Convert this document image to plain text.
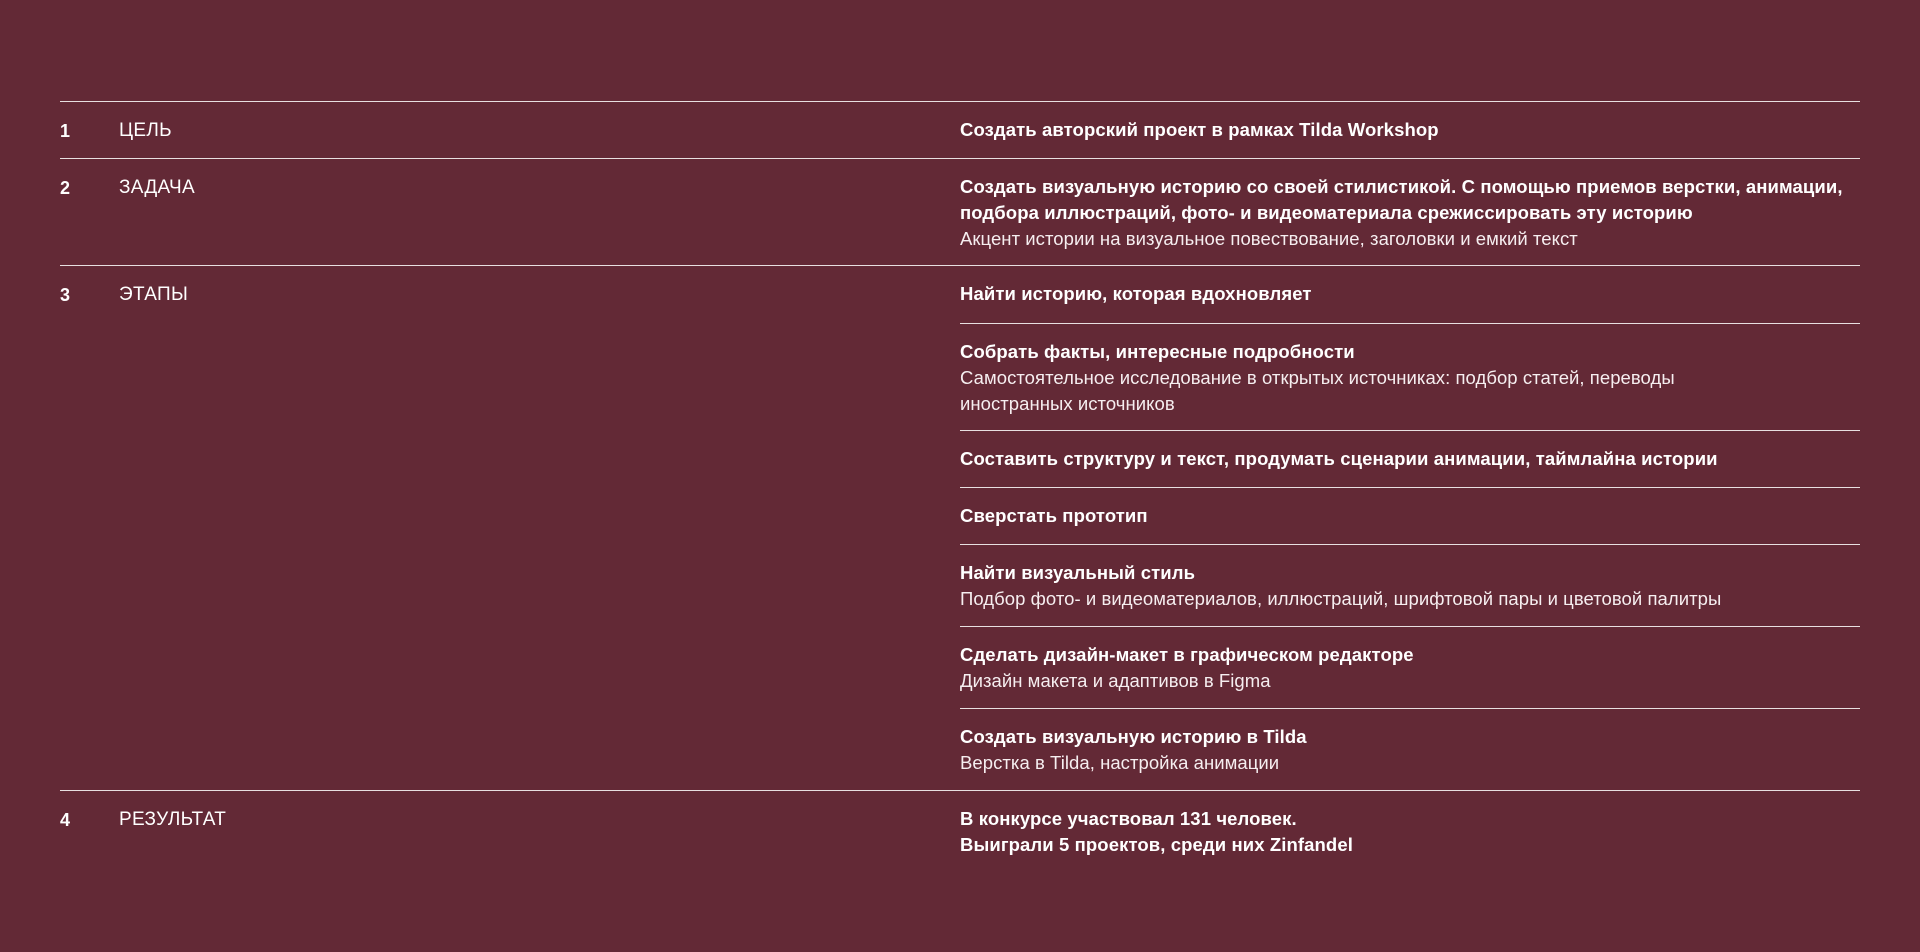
1	ЦЕЛЬ	Создать авторский проект в рамках Tilda Workshop
2	ЗАДАЧА	Создать визуальную историю со своей стилистикой. С помощью приемов верстки, анимации,
подбора иллюстраций, фото- и видеоматериала срежиссировать эту историю
Акцент истории на визуальное повествование, заголовки и емкий текст
3	ЭТАПЫ	Найти историю, которая вдохновляет
Собрать факты, интересные подробности
Самостоятельное исследование в открытых источниках: подбор статей, переводы
иностранных источников
Составить структуру и текст, продумать сценарии анимации, таймлайна истории
Сверстать прототип
Найти визуальный стиль
Подбор фото- и видеоматериалов, иллюстраций, шрифтовой пары и цветовой палитры
Сделать дизайн-макет в графическом редакторе
Дизайн макета и адаптивов в Figma
Создать визуальную историю в Tilda
Верстка в Tilda, настройка анимации
4	РЕЗУЛЬТАТ	В конкурсе участвовал 131 человек.
Выиграли 5 проектов, среди них Zinfandel
